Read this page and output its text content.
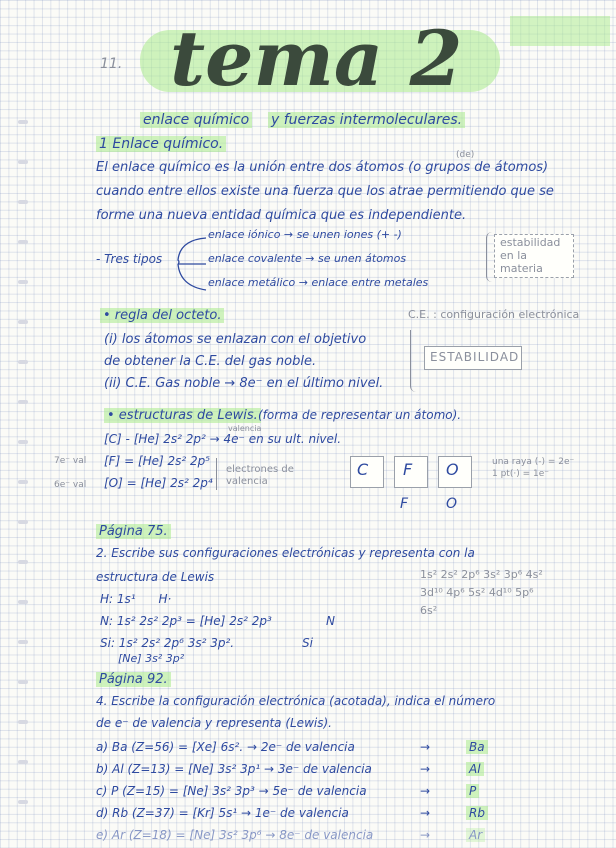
11. tema 2
enlace químico y fuerzas intermoleculares.
1 Enlace químico.
(de)
El enlace químico es la unión entre dos átomos (o grupos de átomos)
cuando entre ellos existe una fuerza que los atrae permitiendo que se
forme una nueva entidad química que es independiente.
- Tres tipos
enlace iónico → se unen iones (+ -)
enlace covalente → se unen átomos
enlace metálico → enlace entre metales
estabilidad
en la
materia
• regla del octeto.	C.E. : configuración electrónica
(i) los átomos se enlazan con el objetivo
de obtener la C.E. del gas noble.
(ii) C.E. Gas noble → 8e⁻ en el último nivel.
ESTABILIDAD
• estructuras de Lewis. (forma de representar un átomo).
valencia
[C] - [He] 2s² 2p² → 4e⁻ en su ult. nivel.
7e⁻ val [F] = [He] 2s² 2p⁵
6e⁻ val [O] = [He] 2s² 2p⁴
electrones de
valencia
C F O
F	O
una raya (-) = 2e⁻
1 pt(·) = 1e⁻
Página 75.
2. Escribe sus configuraciones electrónicas y representa con la
estructura de Lewis
H: 1s¹      H·
N: 1s² 2s² 2p³ = [He] 2s² 2p³	N
Si: 1s² 2s² 2p⁶ 3s² 3p².	Si
[Ne] 3s² 3p²
1s² 2s² 2p⁶ 3s² 3p⁶ 4s²
3d¹⁰ 4p⁶ 5s² 4d¹⁰ 5p⁶
6s²
Página 92.
4. Escribe la configuración electrónica (acotada), indica el número
de e⁻ de valencia y representa (Lewis).
a) Ba (Z=56) = [Xe] 6s². → 2e⁻ de valencia	→	Ba
b) Al (Z=13) = [Ne] 3s² 3p¹ → 3e⁻ de valencia	→	Al
c) P (Z=15) = [Ne] 3s² 3p³ → 5e⁻ de valencia	→	P
d) Rb (Z=37) = [Kr] 5s¹ → 1e⁻ de valencia	→	Rb
e) Ar (Z=18) = [Ne] 3s² 3p⁶ → 8e⁻ de valencia	→	Ar
